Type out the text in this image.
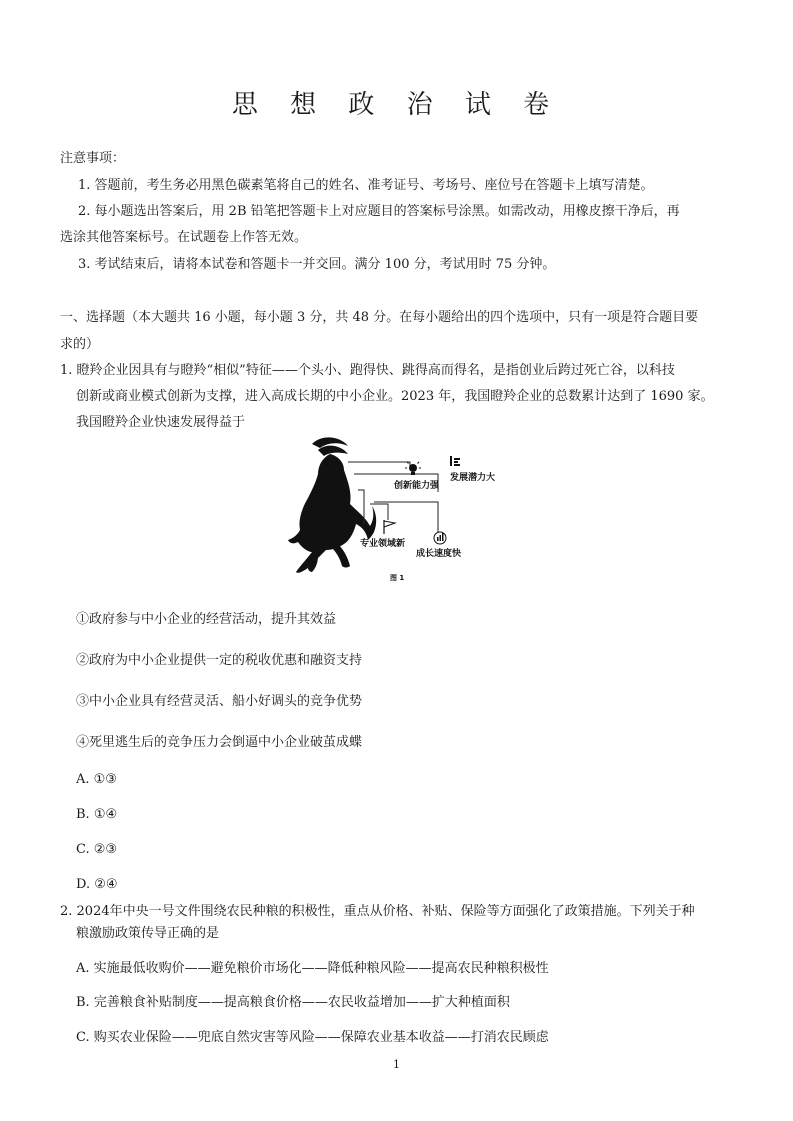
思 想 政 治 试 卷
注意事项：
1. 答题前，考生务必用黑色碳素笔将自己的姓名、准考证号、考场号、座位号在答题卡上填写清楚。
2. 每小题选出答案后，用 2B 铅笔把答题卡上对应题目的答案标号涂黑。如需改动，用橡皮擦干净后，再
选涂其他答案标号。在试题卷上作答无效。
3. 考试结束后，请将本试卷和答题卡一并交回。满分 100 分，考试用时 75 分钟。
一、选择题（本大题共 16 小题，每小题 3 分，共 48 分。在每小题给出的四个选项中，只有一项是符合题目要
求的）
1. 瞪羚企业因具有与瞪羚“相似”特征——个头小、跑得快、跳得高而得名，是指创业后跨过死亡谷，以科技
创新或商业模式创新为支撑，进入高成长期的中小企业。2023 年，我国瞪羚企业的总数累计达到了 1690 家。
我国瞪羚企业快速发展得益于
创新能力强
发展潜力大
专业领域新
成长速度快
图 1
①政府参与中小企业的经营活动，提升其效益
②政府为中小企业提供一定的税收优惠和融资支持
③中小企业具有经营灵活、船小好调头的竞争优势
④死里逃生后的竞争压力会倒逼中小企业破茧成蝶
A. ①③
B. ①④
C. ②③
D. ②④
2. 2024年中央一号文件围绕农民种粮的积极性，重点从价格、补贴、保险等方面强化了政策措施。下列关于种
粮激励政策传导正确的是
A. 实施最低收购价——避免粮价市场化——降低种粮风险——提高农民种粮积极性
B. 完善粮食补贴制度——提高粮食价格——农民收益增加——扩大种植面积
C. 购买农业保险——兜底自然灾害等风险——保障农业基本收益——打消农民顾虑
1
